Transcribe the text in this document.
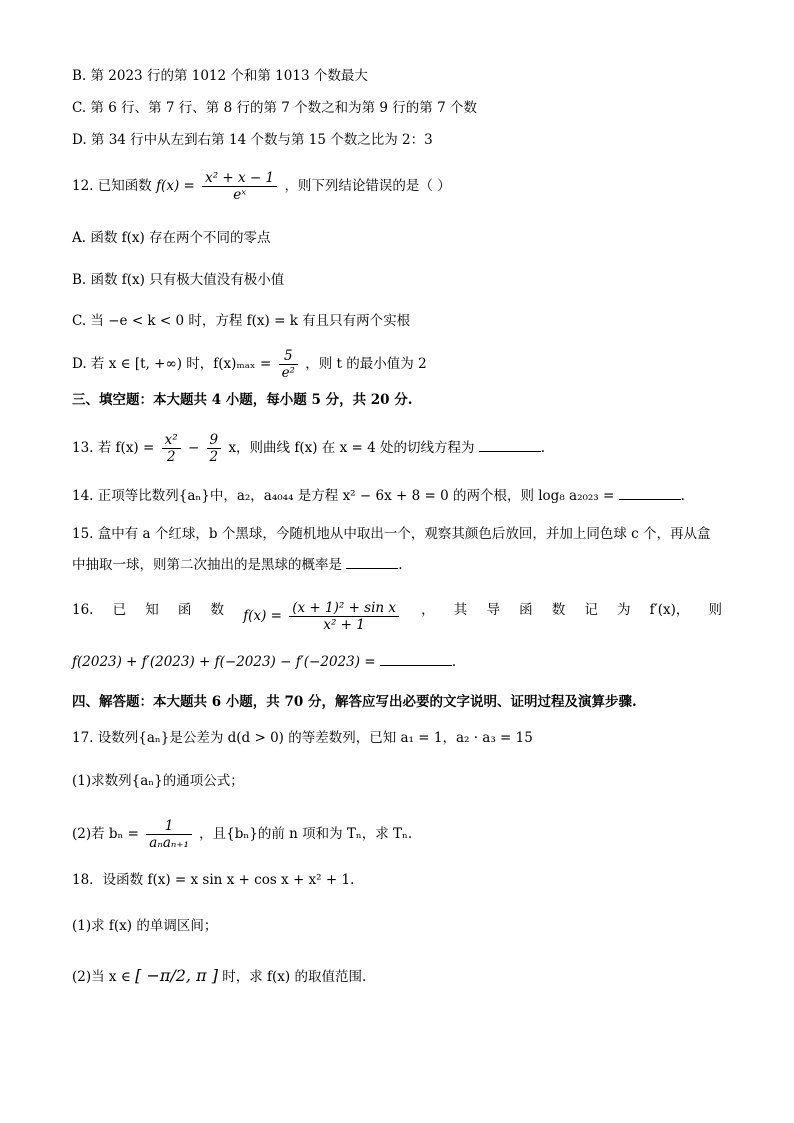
B. 第 2023 行的第 1012 个和第 1013 个数最大
C. 第 6 行、第 7 行、第 8 行的第 7 个数之和为第 9 行的第 7 个数
D. 第 34 行中从左到右第 14 个数与第 15 个数之比为 2：3
12. 已知函数 $f(x) = \frac{\text{x² + x − 1}}{\text{eˣ}}$ ，则下列结论错误的是（ ）
A. 函数 f(x) 存在两个不同的零点
B. 函数 f(x) 只有极大值没有极小值
C. 当 −e < k < 0 时，方程 f(x) = k 有且只有两个实根
D. 若 x ∈ [t, +∞) 时，$f(x)_{max} = \frac{5}{\text{e²}}$ ，则 t 的最小值为 2
三、填空题：本大题共 4 小题，每小题 5 分，共 20 分.
13. 若 $f(x) = \frac{\text{x²}}{2} - \frac{9}{2}$ x，则曲线 f(x) 在 x = 4 处的切线方程为	.
14. 正项等比数列{aₙ}中，a₂，a₄₀₄₄ 是方程 x² − 6x + 8 = 0 的两个根，则 log₈ a₂₀₂₃ =	.
15. 盒中有 a 个红球，b 个黑球，今随机地从中取出一个，观察其颜色后放回，并加上同色球 c 个，再从盒
中抽取一球，则第二次抽出的是黑球的概率是	.
16. 已 知 函 数 $f(x) = \frac{\text{(x + 1)² + sin x}}{\text{x² + 1}}$ ， 其 导 函 数 记 为 f′(x)， 则
f(2023) + f′(2023) + f(−2023) − f′(−2023) =	.
四、解答题：本大题共 6 小题，共 70 分，解答应写出必要的文字说明、证明过程及演算步骤.
17. 设数列{aₙ}是公差为 d(d > 0) 的等差数列，已知 a₁ = 1，a₂ · a₃ = 15
(1)求数列{aₙ}的通项公式；
(2)若 $b_n = \frac{1}{\text{aₙaₙ₊₁}}$ ，且{bₙ}的前 n 项和为 Tₙ，求 Tₙ.
18．设函数 f(x) = x sin x + cos x + x² + 1.
(1)求 f(x) 的单调区间；
(2)当 x ∈ [ −π/2, π ] 时，求 f(x) 的取值范围.
